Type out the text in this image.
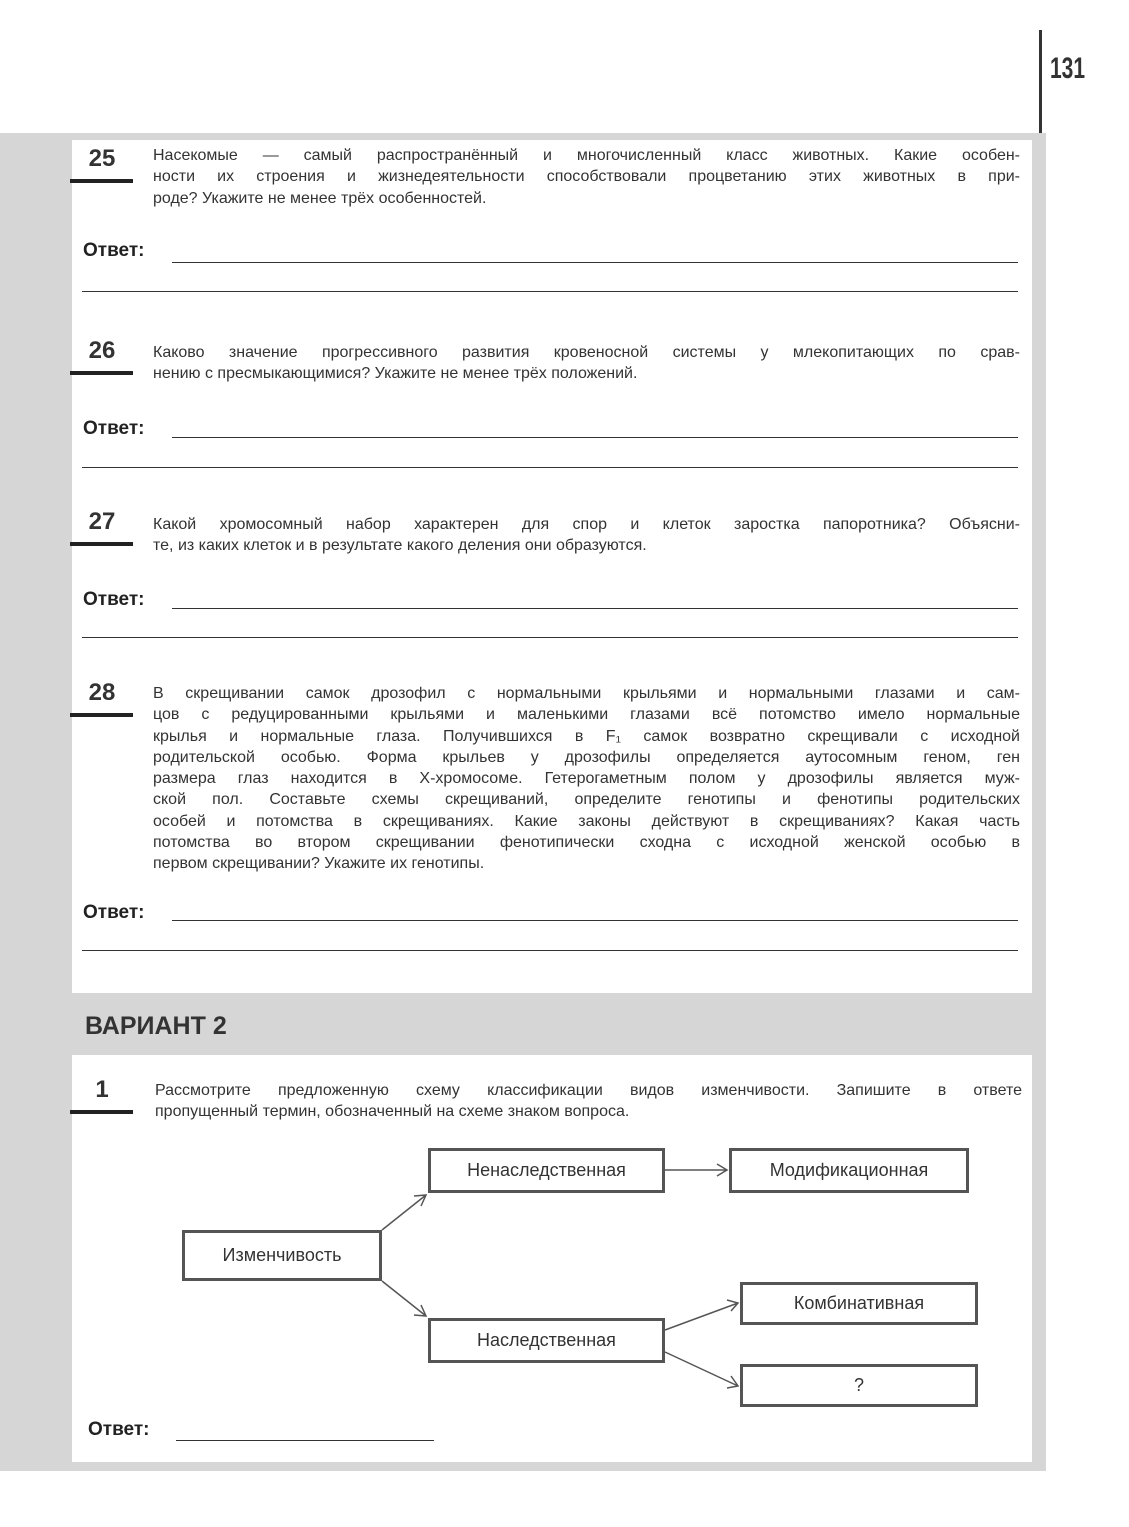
131
25	Насекомые — самый распространённый и многочисленный класс животных. Какие особен-
ности их строения и жизнедеятельности способствовали процветанию этих животных в при-
роде? Укажите не менее трёх особенностей.
Ответ:
26	Каково значение прогрессивного развития кровеносной системы у млекопитающих по срав-
нению с пресмыкающимися? Укажите не менее трёх положений.
Ответ:
27	Какой хромосомный набор характерен для спор и клеток заростка папоротника? Объясни-
те, из каких клеток и в результате какого деления они образуются.
Ответ:
28	В скрещивании самок дрозофил с нормальными крыльями и нормальными глазами и сам-
цов с редуцированными крыльями и маленькими глазами всё потомство имело нормальные
крылья и нормальные глаза. Получившихся в F₁ самок возвратно скрещивали с исходной
родительской особью. Форма крыльев у дрозофилы определяется аутосомным геном, ген
размера глаз находится в X-хромосоме. Гетерогаметным полом у дрозофилы является муж-
ской пол. Составьте схемы скрещиваний, определите генотипы и фенотипы родительских
особей и потомства в скрещиваниях. Какие законы действуют в скрещиваниях? Какая часть
потомства во втором скрещивании фенотипически сходна с исходной женской особью в
первом скрещивании? Укажите их генотипы.
Ответ:
ВАРИАНТ 2
1	Рассмотрите предложенную схему классификации видов изменчивости. Запишите в ответе
пропущенный термин, обозначенный на схеме знаком вопроса.
Ненаследственная	Модификационная
Изменчивость
Наследственная
Комбинативная
?
Ответ:
